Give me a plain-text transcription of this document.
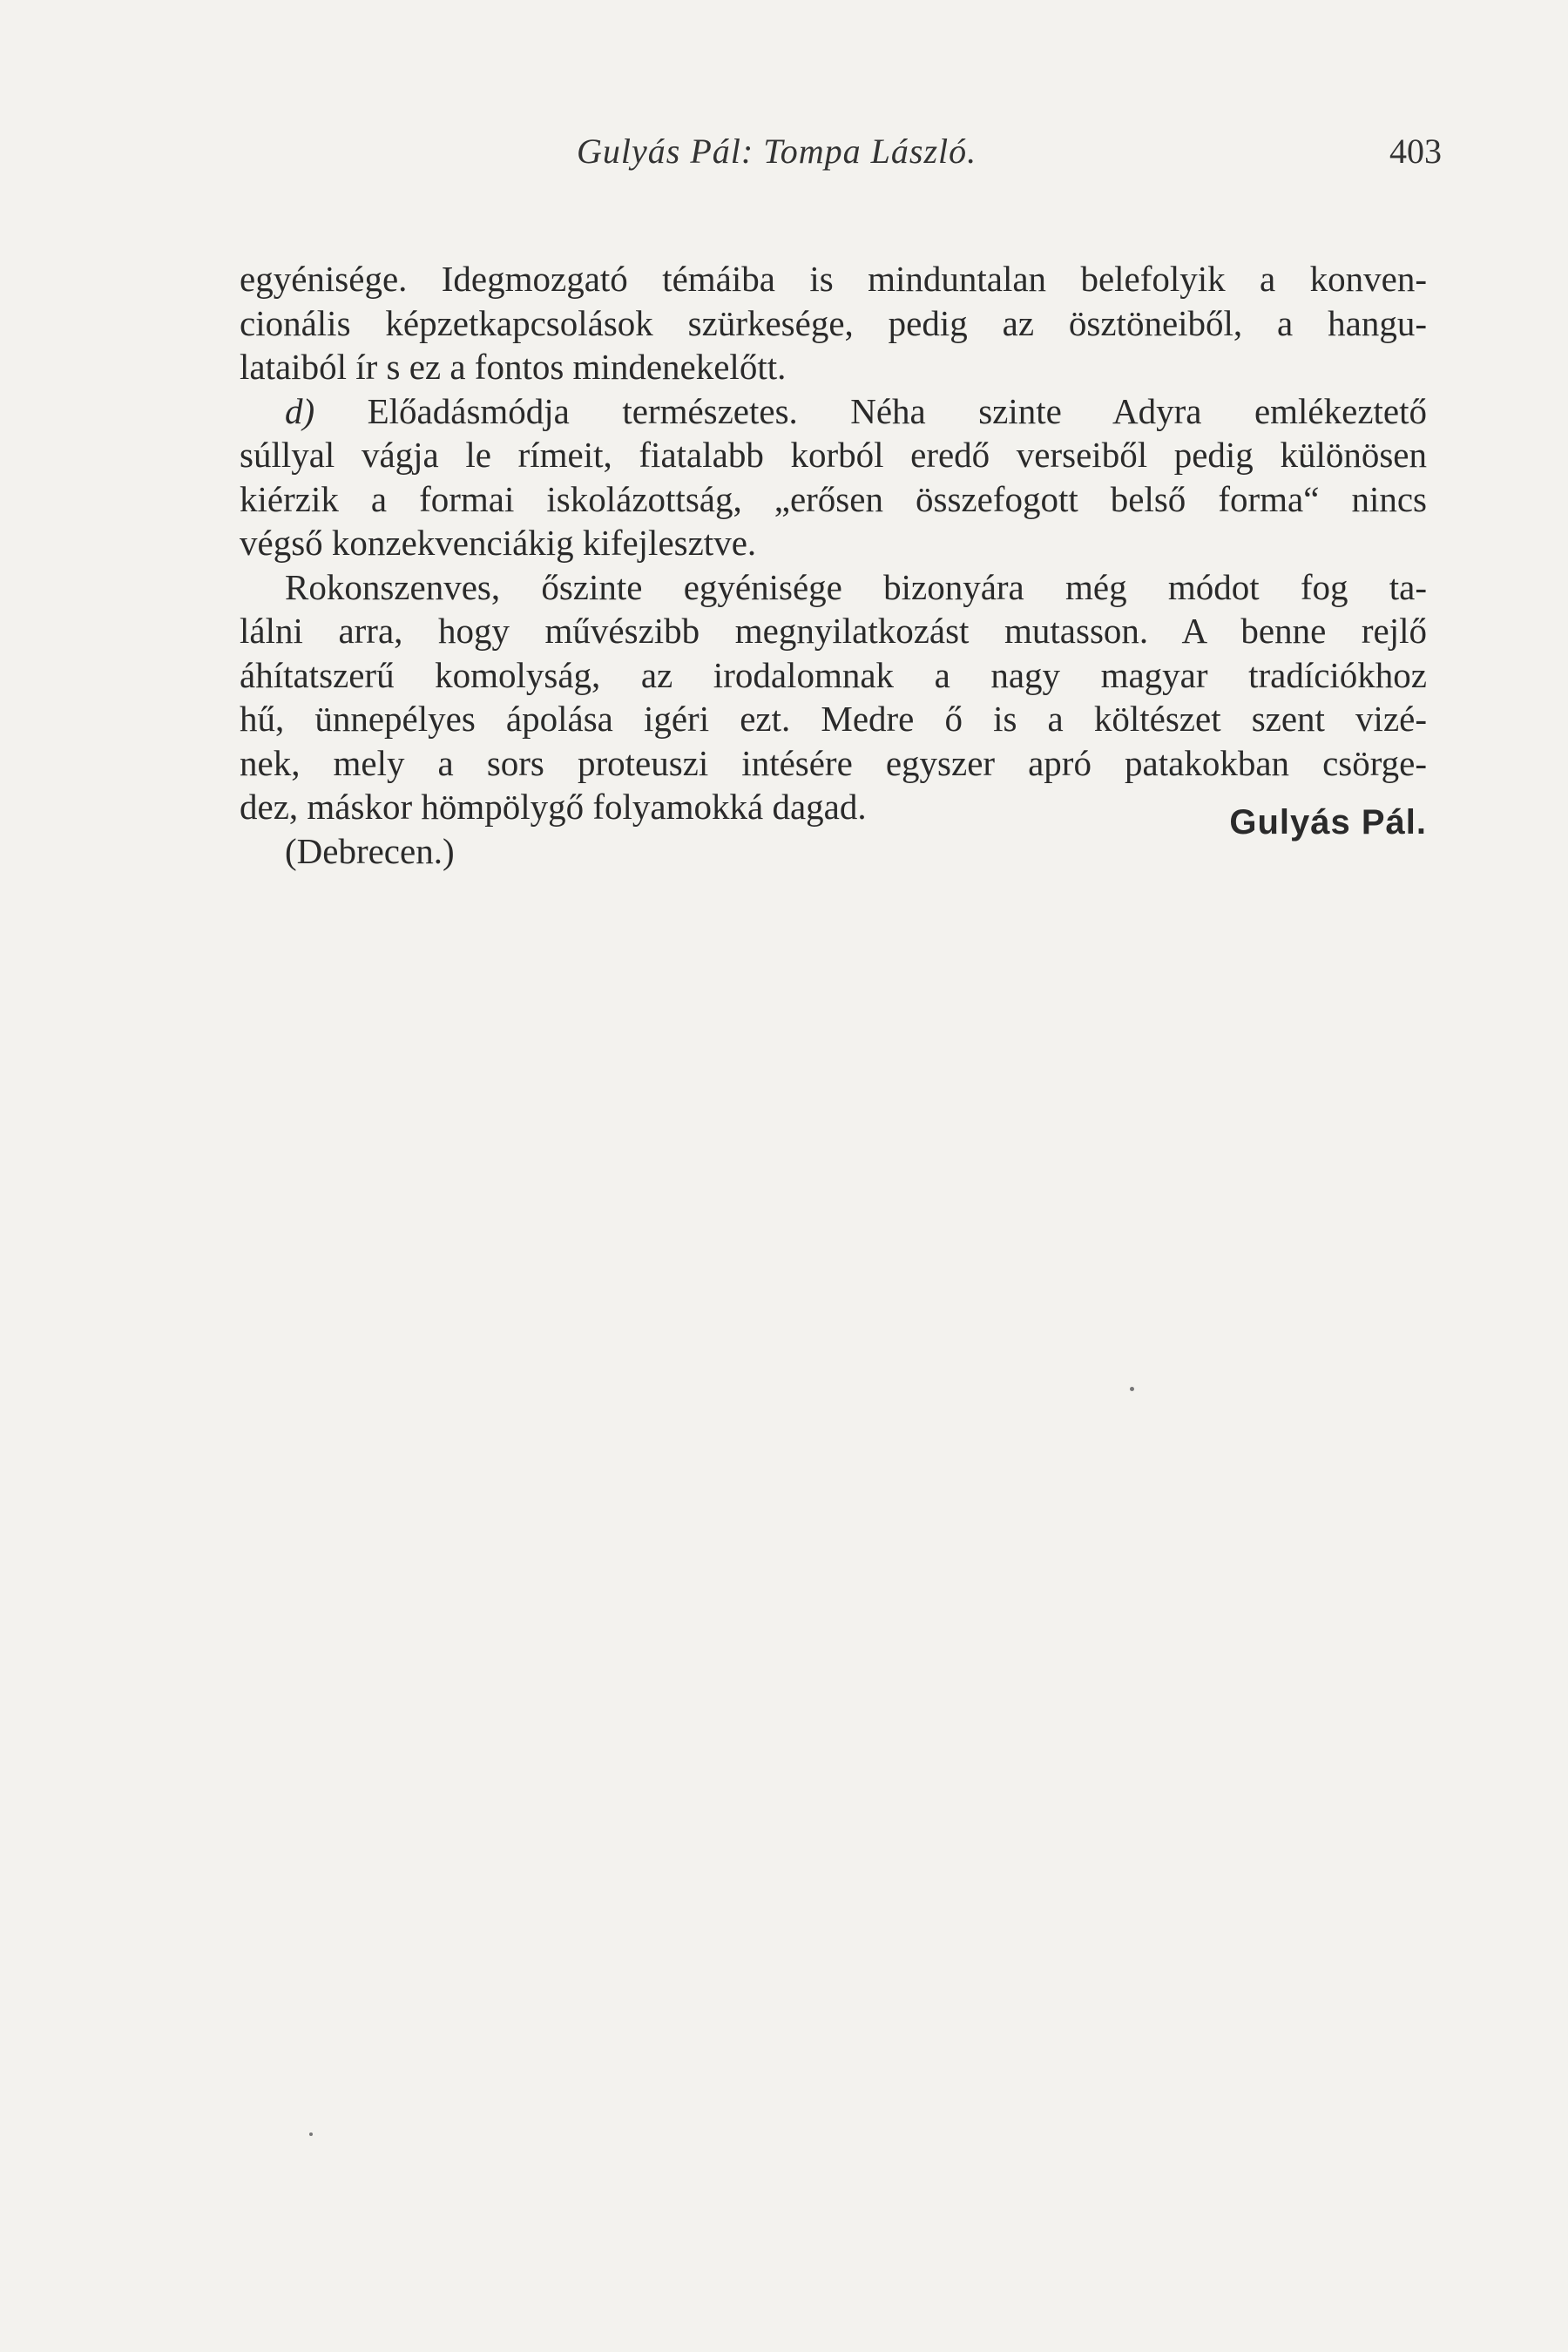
Gulyás Pál: Tompa László.	403
egyénisége. Idegmozgató témáiba is minduntalan belefolyik a konven-
cionális képzetkapcsolások szürkesége, pedig az ösztöneiből, a hangu-
lataiból ír s ez a fontos mindenekelőtt.
d) Előadásmódja természetes. Néha szinte Adyra emlékeztető
súllyal vágja le rímeit, fiatalabb korból eredő verseiből pedig különösen
kiérzik a formai iskolázottság, „erősen összefogott belső forma“ nincs
végső konzekvenciákig kifejlesztve.
Rokonszenves, őszinte egyénisége bizonyára még módot fog ta-
lálni arra, hogy művészibb megnyilatkozást mutasson. A benne rejlő
áhítatszerű komolyság, az irodalomnak a nagy magyar tradíciókhoz
hű, ünnepélyes ápolása igéri ezt. Medre ő is a költészet szent vizé-
nek, mely a sors proteuszi intésére egyszer apró patakokban csörge-
dez, máskor hömpölygő folyamokká dagad.
(Debrecen.)
Gulyás Pál.
